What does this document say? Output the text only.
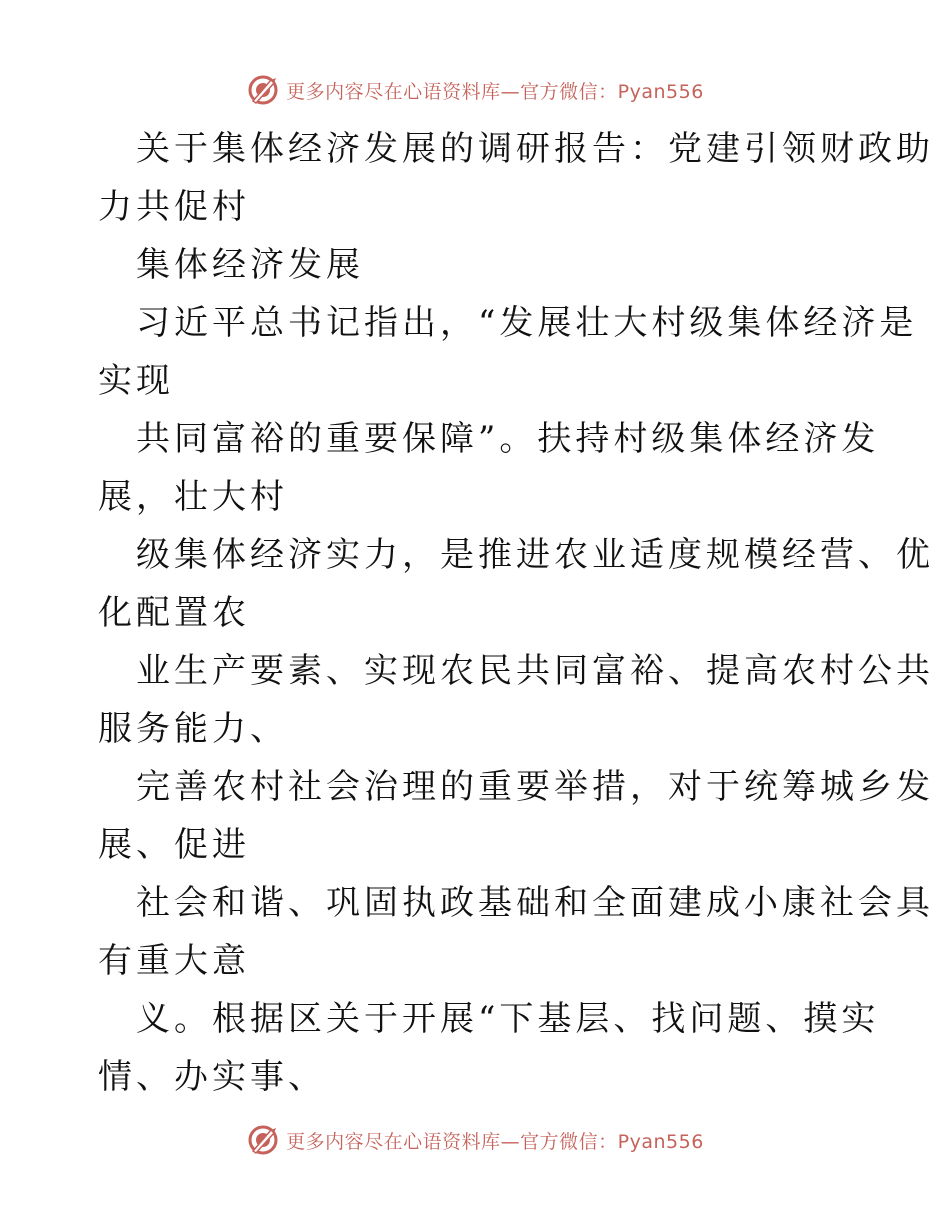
更多内容尽在心语资料库—官方微信：Pyan556
关于集体经济发展的调研报告：党建引领财政助
力共促村
集体经济发展
习近平总书记指出，“发展壮大村级集体经济是
实现
共同富裕的重要保障”。扶持村级集体经济发
展，壮大村
级集体经济实力，是推进农业适度规模经营、优
化配置农
业生产要素、实现农民共同富裕、提高农村公共
服务能力、
完善农村社会治理的重要举措，对于统筹城乡发
展、促进
社会和谐、巩固执政基础和全面建成小康社会具
有重大意
义。根据区关于开展“下基层、找问题、摸实
情、办实事、
更多内容尽在心语资料库—官方微信：Pyan556
